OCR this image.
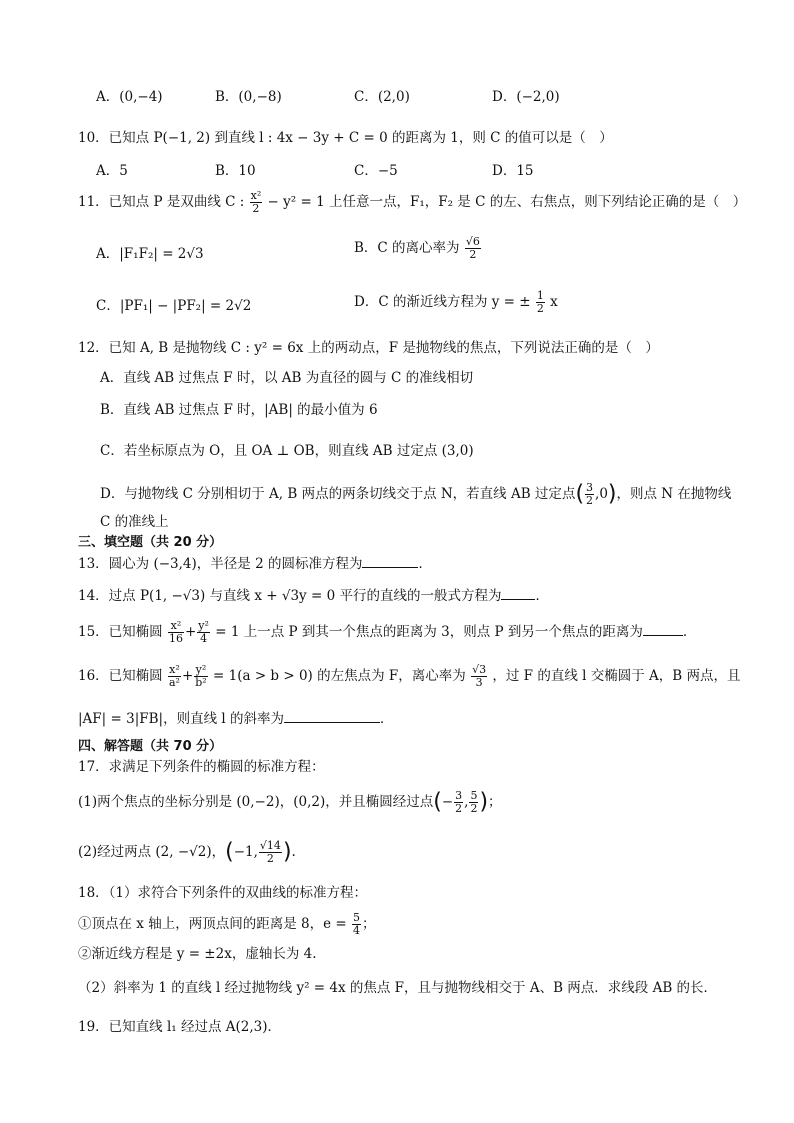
A．(0,−4)	B．(0,−8)	C．(2,0)	D．(−2,0)
10．已知点 P(−1, 2) 到直线 l : 4x − 3y + C = 0 的距离为 1，则 C 的值可以是（　）
A．5	B．10	C．−5	D．15
11．已知点 P 是双曲线 C : $\frac{\text{x²}}{2} - y^2 = 1$ 上任意一点，F₁，F₂ 是 C 的左、右焦点，则下列结论正确的是（　）
A．|F₁F₂| = 2√3	B．C 的离心率为 $\frac{√6}{2}$
C．|PF₁| − |PF₂| = 2√2	D．C 的渐近线方程为 y = ± $\frac{1}{2}$ x
12．已知 A, B 是抛物线 C : y² = 6x 上的两动点，F 是抛物线的焦点，下列说法正确的是（　）
A．直线 AB 过焦点 F 时，以 AB 为直径的圆与 C 的准线相切
B．直线 AB 过焦点 F 时，|AB| 的最小值为 6
C．若坐标原点为 O，且 OA ⊥ OB，则直线 AB 过定点 (3,0)
D．与抛物线 C 分别相切于 A, B 两点的两条切线交于点 N，若直线 AB 过定点( $\frac{3}{2} ,0$)，则点 N 在抛物线
C 的准线上
三、填空题（共 20 分）
13．圆心为 (−3,4)，半径是 2 的圆标准方程为	．
14．过点 P(1, −√3) 与直线 x + √3y = 0 平行的直线的一般式方程为	．
15．已知椭圆 $\frac{\text{x²}}{16} + \frac{\text{y²}}{4} = 1$ 上一点 P 到其一个焦点的距离为 3，则点 P 到另一个焦点的距离为	．
16．已知椭圆 $\frac{\text{x²}}{\text{a²}} + \frac{\text{y²}}{\text{b²}} = 1(a > b > 0)$ 的左焦点为 F，离心率为 $\frac{√3}{3}$ ，过 F 的直线 l 交椭圆于 A，B 两点，且
|AF| = 3|FB|，则直线 l 的斜率为	．
四、解答题（共 70 分）
17．求满足下列条件的椭圆的标准方程：
(1)两个焦点的坐标分别是 (0,−2)，(0,2)，并且椭圆经过点(− $\frac{3}{2}$ , $\frac{5}{2}$ )；
(2)经过两点 (2, −√2)，(−1, $\frac{√14}{2}$ ).
18．（1）求符合下列条件的双曲线的标准方程：
①顶点在 x 轴上，两顶点间的距离是 8，$e = \frac{5}{4}$ ；
②渐近线方程是 y = ±2x，虚轴长为 4.
（2）斜率为 1 的直线 l 经过抛物线 y² = 4x 的焦点 F，且与抛物线相交于 A、B 两点．求线段 AB 的长．
19．已知直线 l₁ 经过点 A(2,3)．
